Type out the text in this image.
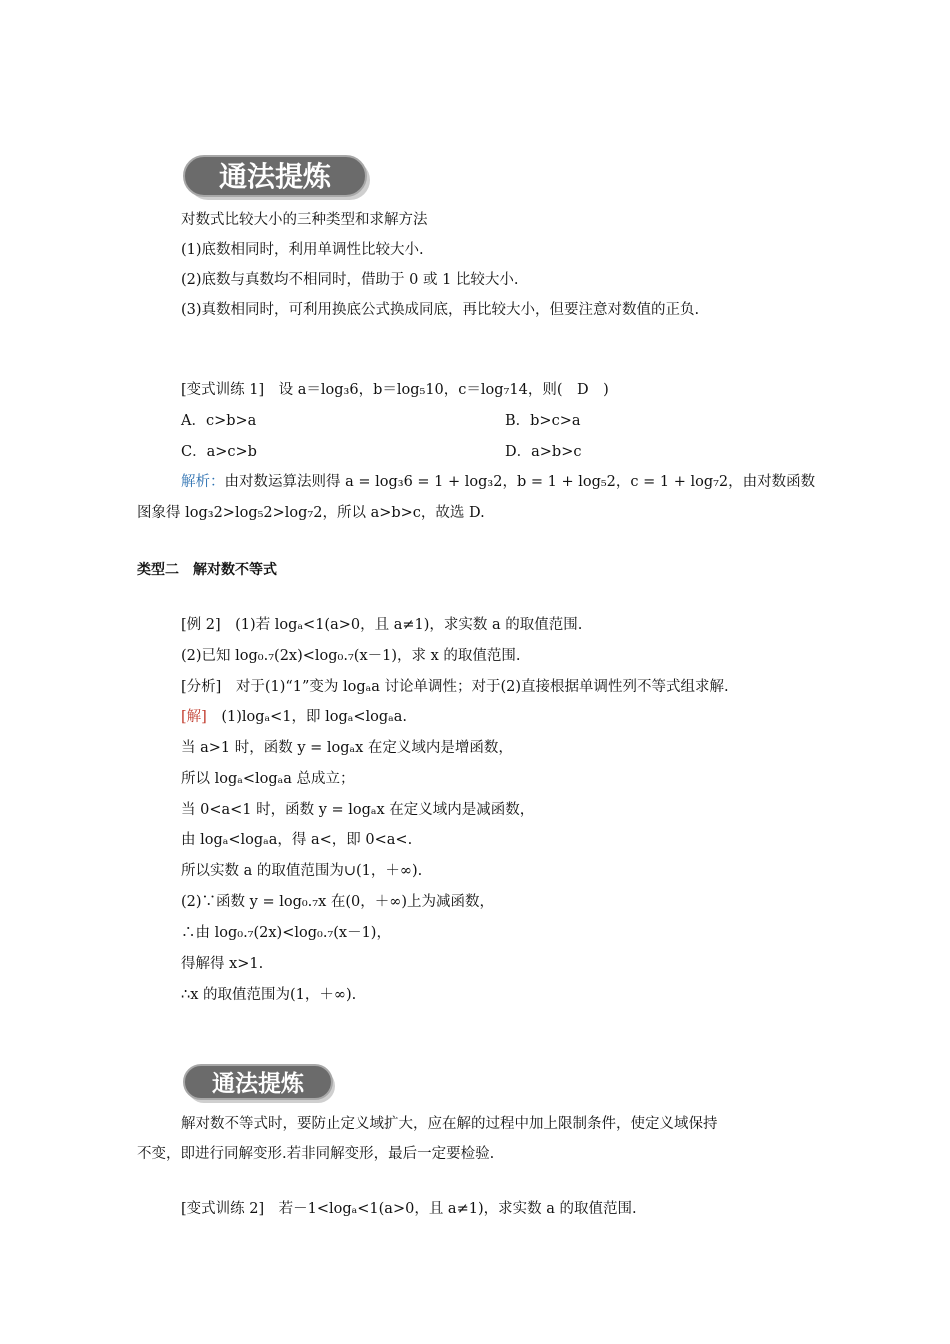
通法提炼
对数式比较大小的三种类型和求解方法
(1)底数相同时，利用单调性比较大小.
(2)底数与真数均不相同时，借助于 0 或 1 比较大小.
(3)真数相同时，可利用换底公式换成同底，再比较大小，但要注意对数值的正负.
[变式训练 1]　设 a＝log₃6，b＝log₅10，c＝log₇14，则(　D　)
A．c>b>a	B．b>c>a
C．a>c>b	D．a>b>c
解析：由对数运算法则得 a = log₃6 = 1 + log₃2，b = 1 + log₅2，c = 1 + log₇2，由对数函数
图象得 log₃2>log₅2>log₇2，所以 a>b>c，故选 D.
类型二　解对数不等式
[例 2]　(1)若 logₐ<1(a>0，且 a≠1)，求实数 a 的取值范围.
(2)已知 log₀.₇(2x)<log₀.₇(x－1)，求 x 的取值范围.
[分析]　对于(1)“1”变为 logₐa 讨论单调性；对于(2)直接根据单调性列不等式组求解.
[解]　(1)logₐ<1，即 logₐ<logₐa.
当 a>1 时，函数 y = logₐx 在定义域内是增函数，
所以 logₐ<logₐa 总成立；
当 0<a<1 时，函数 y = logₐx 在定义域内是减函数，
由 logₐ<logₐa，得 a<，即 0<a<.
所以实数 a 的取值范围为∪(1，＋∞).
(2)∵函数 y = log₀.₇x 在(0，＋∞)上为减函数，
∴由 log₀.₇(2x)<log₀.₇(x－1)，
得解得 x>1.
∴x 的取值范围为(1，＋∞).
通法提炼
解对数不等式时，要防止定义域扩大，应在解的过程中加上限制条件，使定义域保持
不变，即进行同解变形.若非同解变形，最后一定要检验.
[变式训练 2]　若－1<logₐ<1(a>0，且 a≠1)，求实数 a 的取值范围.
